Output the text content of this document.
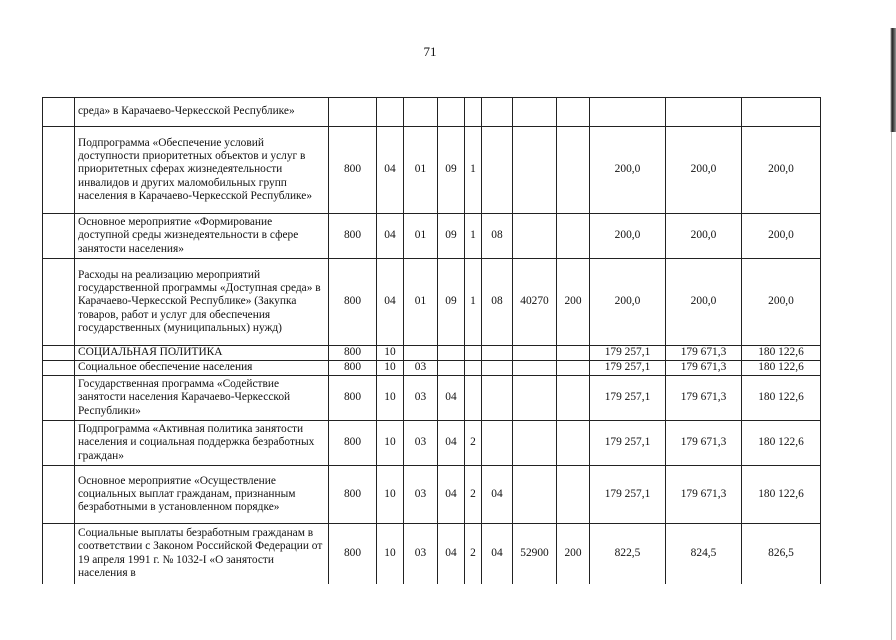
71
	среда» в Карачаево-Черкесской Республике»											
	Подпрограмма «Обеспечение условий доступности приоритетных объектов и услуг в приоритетных сферах жизнедеятельности инвалидов и других маломобильных групп населения в Карачаево-Черкесской Республике»	800	04	01	09	1				200,0	200,0	200,0
	Основное мероприятие «Формирование доступной среды жизнедеятельности в сфере занятости населения»	800	04	01	09	1	08			200,0	200,0	200,0
	Расходы на реализацию мероприятий государственной программы «Доступная среда» в Карачаево-Черкесской Республике» (Закупка товаров, работ и услуг для обеспечения государственных (муниципальных) нужд)	800	04	01	09	1	08	40270	200	200,0	200,0	200,0
	СОЦИАЛЬНАЯ ПОЛИТИКА	800	10							179 257,1	179 671,3	180 122,6
	Социальное обеспечение населения	800	10	03						179 257,1	179 671,3	180 122,6
	Государственная программа «Содействие занятости населения Карачаево-Черкесской Республики»	800	10	03	04					179 257,1	179 671,3	180 122,6
	Подпрограмма «Активная политика занятости населения и социальная поддержка безработных граждан»	800	10	03	04	2				179 257,1	179 671,3	180 122,6
	Основное мероприятие «Осуществление социальных выплат гражданам, признанным безработными в установленном порядке»	800	10	03	04	2	04			179 257,1	179 671,3	180 122,6
	Социальные выплаты безработным гражданам в соответствии с Законом Российской Федерации от 19 апреля 1991 г. № 1032-I «О занятости населения в	800	10	03	04	2	04	52900	200	822,5	824,5	826,5
